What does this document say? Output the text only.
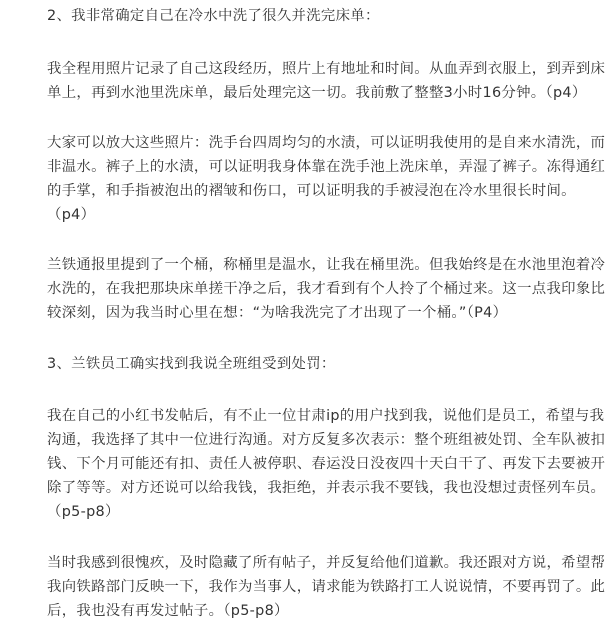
2、我非常确定自己在冷水中洗了很久并洗完床单：
我全程用照片记录了自己这段经历，照片上有地址和时间。从血弄到衣服上，到弄到床
单上，再到水池里洗床单，最后处理完这一切。我前敷了整整3小时16分钟。（p4）
大家可以放大这些照片：洗手台四周均匀的水渍，可以证明我使用的是自来水清洗，而
非温水。裤子上的水渍，可以证明我身体靠在洗手池上洗床单，弄湿了裤子。冻得通红
的手掌，和手指被泡出的褶皱和伤口，可以证明我的手被浸泡在冷水里很长时间。
（p4）
兰铁通报里提到了一个桶，称桶里是温水，让我在桶里洗。但我始终是在水池里泡着冷
水洗的，在我把那块床单搓干净之后，我才看到有个人拎了个桶过来。这一点我印象比
较深刻，因为我当时心里在想：“为啥我洗完了才出现了一个桶。”（P4）
3、兰铁员工确实找到我说全班组受到处罚：
我在自己的小红书发帖后，有不止一位甘肃ip的用户找到我，说他们是员工，希望与我
沟通，我选择了其中一位进行沟通。对方反复多次表示：整个班组被处罚、全车队被扣
钱、下个月可能还有扣、责任人被停职、春运没日没夜四十天白干了、再发下去要被开
除了等等。对方还说可以给我钱，我拒绝，并表示我不要钱，我也没想过责怪列车员。
（p5-p8）
当时我感到很愧疚，及时隐藏了所有帖子，并反复给他们道歉。我还跟对方说，希望帮
我向铁路部门反映一下，我作为当事人，请求能为铁路打工人说说情，不要再罚了。此
后，我也没有再发过帖子。（p5-p8）
